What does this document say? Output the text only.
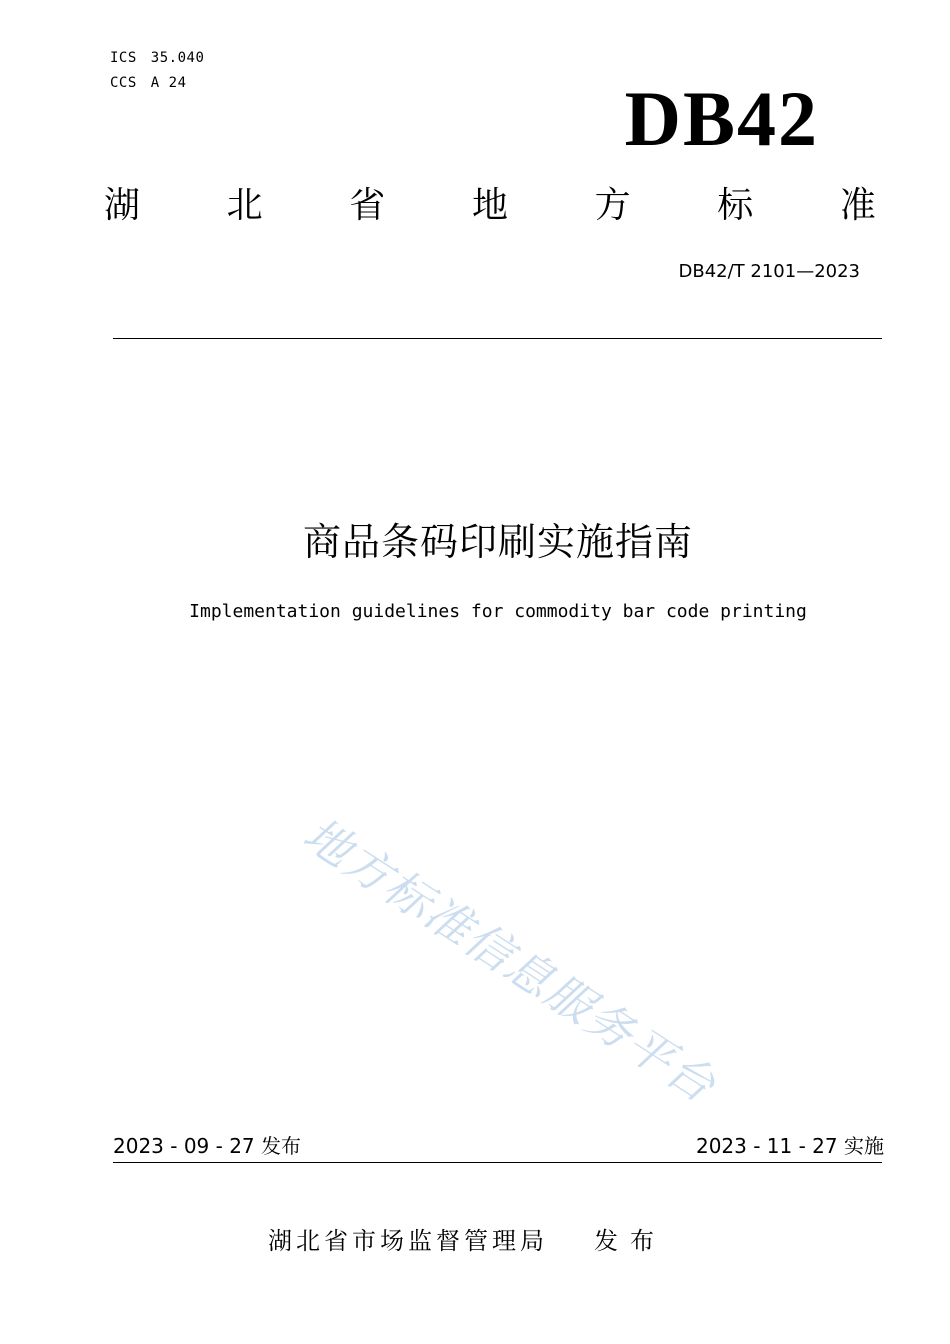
ICS 35.040
CCS A 24	DB42
湖 北 省 地 方 标 准
DB42/T 2101—2023
商品条码印刷实施指南
Implementation guidelines for commodity bar code printing
地方标准信息服务平台
2023 - 09 - 27 发布	2023 - 11 - 27 实施
湖北省市场监督管理局 发布
